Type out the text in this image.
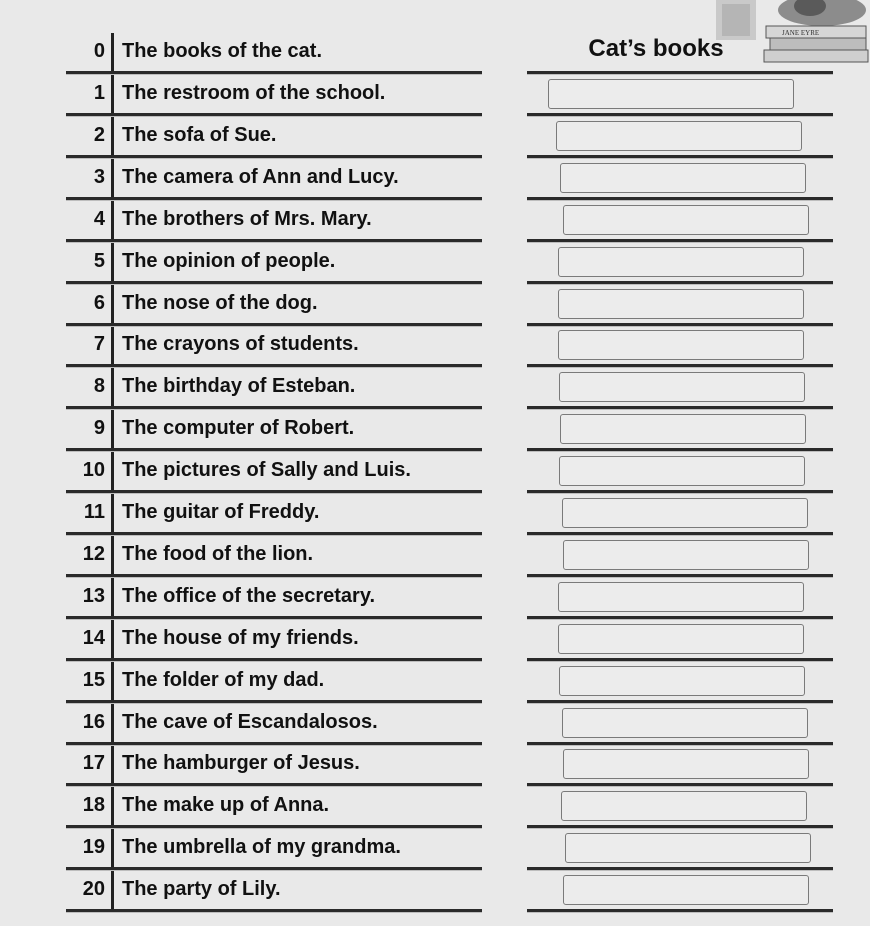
JANE EYRE
0 The books of the cat.	Cat’s books
1 The restroom of the school.
2 The sofa of Sue.
3 The camera of Ann and Lucy.
4 The brothers of Mrs. Mary.
5 The opinion of people.
6 The nose of the dog.
7 The crayons of students.
8 The birthday of Esteban.
9 The computer of Robert.
10 The pictures of Sally and Luis.
11 The guitar of Freddy.
12 The food of the lion.
13 The office of the secretary.
14 The house of my friends.
15 The folder of my dad.
16 The cave of Escandalosos.
17 The hamburger of Jesus.
18 The make up of Anna.
19 The umbrella of my grandma.
20 The party of Lily.
